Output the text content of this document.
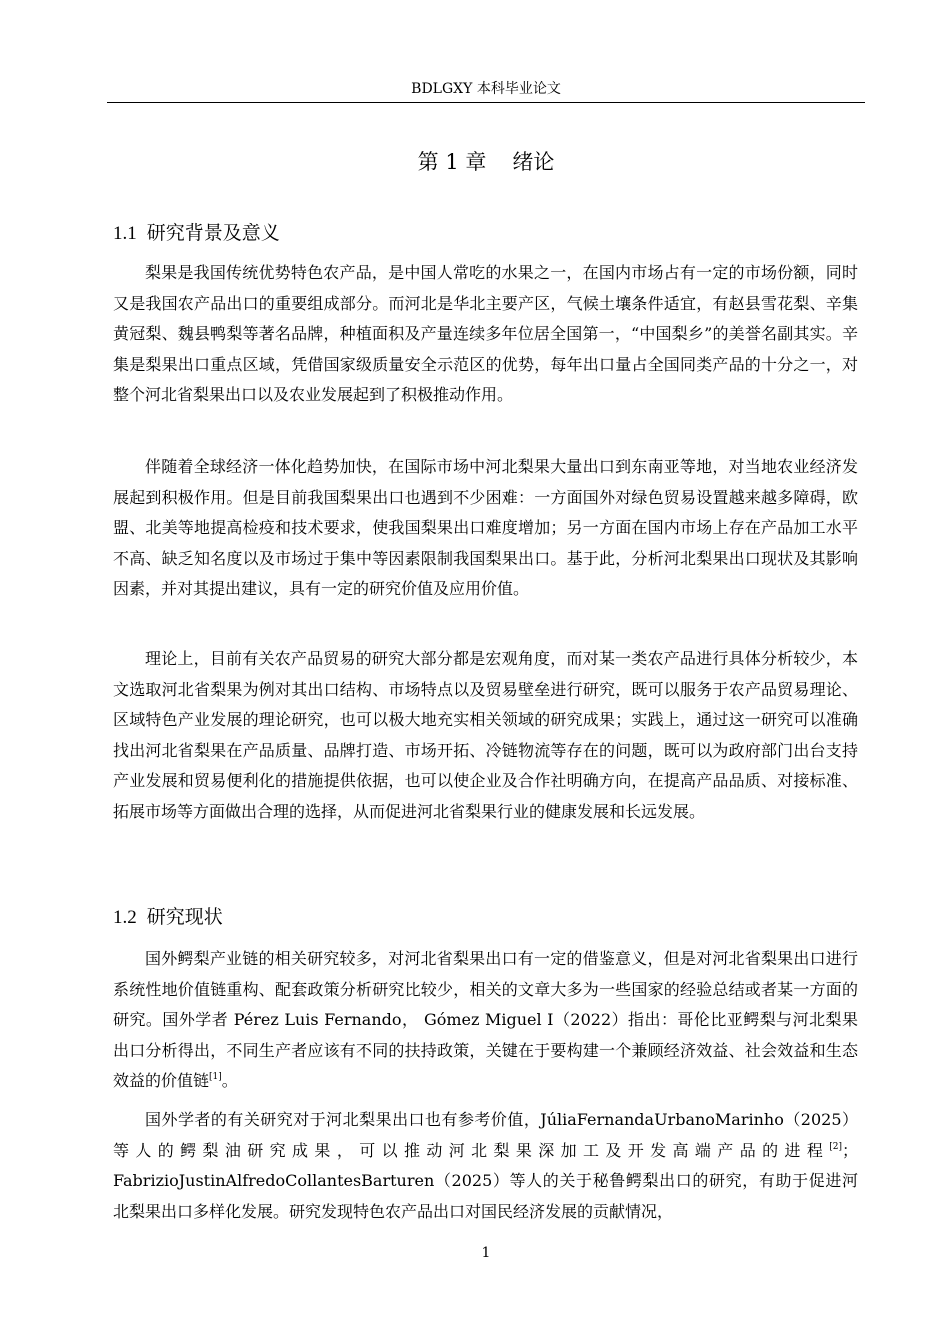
BDLGXY 本科毕业论文
第 1 章 绪论
1.1 研究背景及意义

梨果是我国传统优势特色农产品，是中国人常吃的水果之一，在国内市场占有一定的市场份额，同时又是我国农产品出口的重要组成部分。而河北是华北主要产区，气候土壤条件适宜，有赵县雪花梨、辛集黄冠梨、魏县鸭梨等著名品牌，种植面积及产量连续多年位居全国第一，“中国梨乡”的美誉名副其实。辛集是梨果出口重点区域，凭借国家级质量安全示范区的优势，每年出口量占全国同类产品的十分之一，对整个河北省梨果出口以及农业发展起到了积极推动作用。

伴随着全球经济一体化趋势加快，在国际市场中河北梨果大量出口到东南亚等地，对当地农业经济发展起到积极作用。但是目前我国梨果出口也遇到不少困难：一方面国外对绿色贸易设置越来越多障碍，欧盟、北美等地提高检疫和技术要求，使我国梨果出口难度增加；另一方面在国内市场上存在产品加工水平不高、缺乏知名度以及市场过于集中等因素限制我国梨果出口。基于此，分析河北梨果出口现状及其影响因素，并对其提出建议，具有一定的研究价值及应用价值。

理论上，目前有关农产品贸易的研究大部分都是宏观角度，而对某一类农产品进行具体分析较少，本文选取河北省梨果为例对其出口结构、市场特点以及贸易壁垒进行研究，既可以服务于农产品贸易理论、区域特色产业发展的理论研究，也可以极大地充实相关领域的研究成果；实践上，通过这一研究可以准确找出河北省梨果在产品质量、品牌打造、市场开拓、冷链物流等存在的问题，既可以为政府部门出台支持产业发展和贸易便利化的措施提供依据，也可以使企业及合作社明确方向，在提高产品品质、对接标准、拓展市场等方面做出合理的选择，从而促进河北省梨果行业的健康发展和长远发展。

1.2 研究现状

国外鳄梨产业链的相关研究较多，对河北省梨果出口有一定的借鉴意义，但是对河北省梨果出口进行系统性地价值链重构、配套政策分析研究比较少，相关的文章大多为一些国家的经验总结或者某一方面的研究。国外学者 Pérez Luis Fernando， Gómez Miguel I（2022）指出：哥伦比亚鳄梨与河北梨果出口分析得出，不同生产者应该有不同的扶持政策，关键在于要构建一个兼顾经济效益、社会效益和生态效益的价值链[1]。

国外学者的有关研究对于河北梨果出口也有参考价值，JúliaFernandaUrbanoMarinho（2025）等人的鳄梨油研究成果，可以推动河北梨果深加工及开发高端产品的进程[2]；FabrizioJustinAlfredoCollantesBarturen（2025）等人的关于秘鲁鳄梨出口的研究，有助于促进河北梨果出口多样化发展。研究发现特色农产品出口对国民经济发展的贡献情况，

1
